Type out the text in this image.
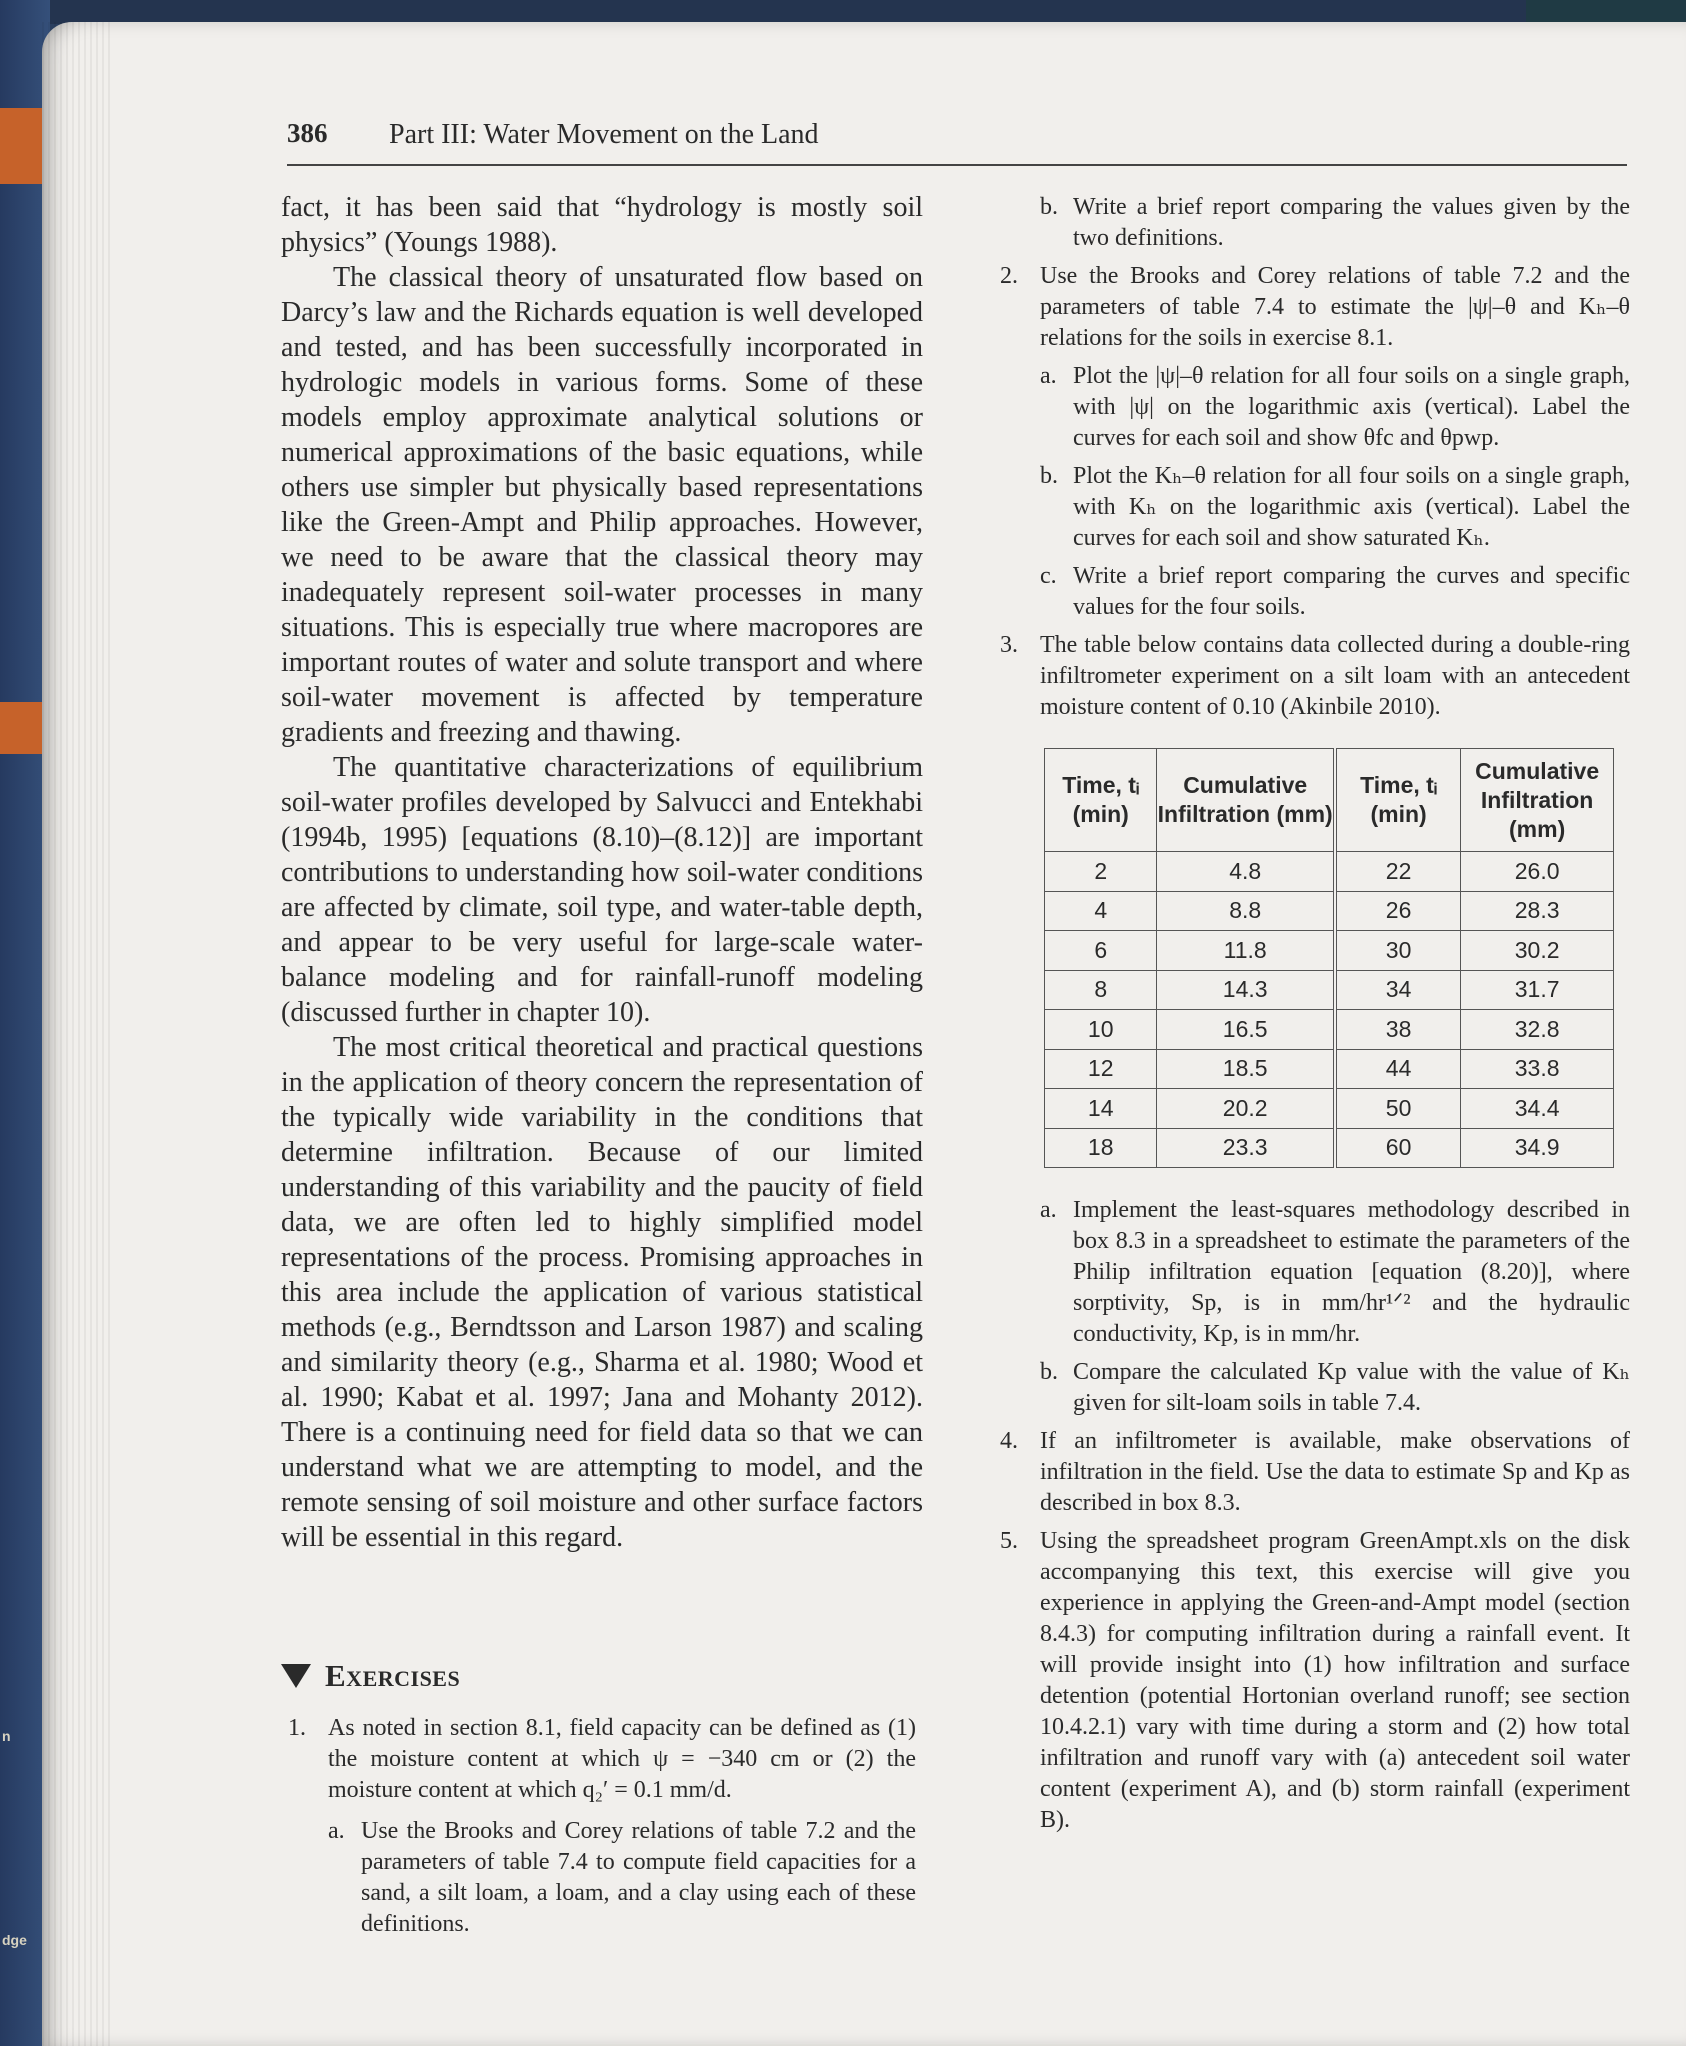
n
dge
386 Part III: Water Movement on the Land

fact, it has been said that “hydrology is mostly soil physics” (Youngs 1988).

The classical theory of unsaturated flow based on Darcy’s law and the Richards equation is well developed and tested, and has been successfully incorporated in hydrologic models in various forms. Some of these models employ approximate analytical solutions or numerical approximations of the basic equations, while others use simpler but physically based representations like the Green-Ampt and Philip approaches. However, we need to be aware that the classical theory may inadequately represent soil-water processes in many situations. This is especially true where macropores are important routes of water and solute transport and where soil-water movement is affected by temperature gradients and freezing and thawing.

The quantitative characterizations of equilibrium soil-water profiles developed by Salvucci and Entekhabi (1994b, 1995) [equations (8.10)–(8.12)] are important contributions to understanding how soil-water conditions are affected by climate, soil type, and water-table depth, and appear to be very useful for large-scale water-balance modeling and for rainfall-runoff modeling (discussed further in chapter 10).

The most critical theoretical and practical questions in the application of theory concern the representation of the typically wide variability in the conditions that determine infiltration. Because of our limited understanding of this variability and the paucity of field data, we are often led to highly simplified model representations of the process. Promising approaches in this area include the application of various statistical methods (e.g., Berndtsson and Larson 1987) and scaling and similarity theory (e.g., Sharma et al. 1980; Wood et al. 1990; Kabat et al. 1997; Jana and Mohanty 2012). There is a continuing need for field data so that we can understand what we are attempting to model, and the remote sensing of soil moisture and other surface factors will be essential in this regard.

Exercises
1. As noted in section 8.1, field capacity can be defined as (1) the moisture content at which ψ = −340 cm or (2) the moisture content at which q₂′ = 0.1 mm/d.
a. Use the Brooks and Corey relations of table 7.2 and the parameters of table 7.4 to compute field capacities for a sand, a silt loam, a loam, and a clay using each of these definitions.
b. Write a brief report comparing the values given by the two definitions.
2. Use the Brooks and Corey relations of table 7.2 and the parameters of table 7.4 to estimate the |ψ|–θ and Kₕ–θ relations for the soils in exercise 8.1.
a. Plot the |ψ|–θ relation for all four soils on a single graph, with |ψ| on the logarithmic axis (vertical). Label the curves for each soil and show θfc and θpwp.
b. Plot the Kₕ–θ relation for all four soils on a single graph, with Kₕ on the logarithmic axis (vertical). Label the curves for each soil and show saturated Kₕ.
c. Write a brief report comparing the curves and specific values for the four soils.
3. The table below contains data collected during a double-ring infiltrometer experiment on a silt loam with an antecedent moisture content of 0.10 (Akinbile 2010).
Time, tᵢ (min)	Cumulative Infiltration (mm)	Time, tᵢ (min)	Cumulative Infiltration (mm)
2	4.8	22	26.0
4	8.8	26	28.3
6	11.8	30	30.2
8	14.3	34	31.7
10	16.5	38	32.8
12	18.5	44	33.8
14	20.2	50	34.4
18	23.3	60	34.9
a. Implement the least-squares methodology described in box 8.3 in a spreadsheet to estimate the parameters of the Philip infiltration equation [equation (8.20)], where sorptivity, Sp, is in mm/hr¹ᐟ² and the hydraulic conductivity, Kp, is in mm/hr.
b. Compare the calculated Kp value with the value of Kₕ given for silt-loam soils in table 7.4.
4. If an infiltrometer is available, make observations of infiltration in the field. Use the data to estimate Sp and Kp as described in box 8.3.
5. Using the spreadsheet program GreenAmpt.xls on the disk accompanying this text, this exercise will give you experience in applying the Green-and-Ampt model (section 8.4.3) for computing infiltration during a rainfall event. It will provide insight into (1) how infiltration and surface detention (potential Hortonian overland runoff; see section 10.4.2.1) vary with time during a storm and (2) how total infiltration and runoff vary with (a) antecedent soil water content (experiment A), and (b) storm rainfall (experiment B).
